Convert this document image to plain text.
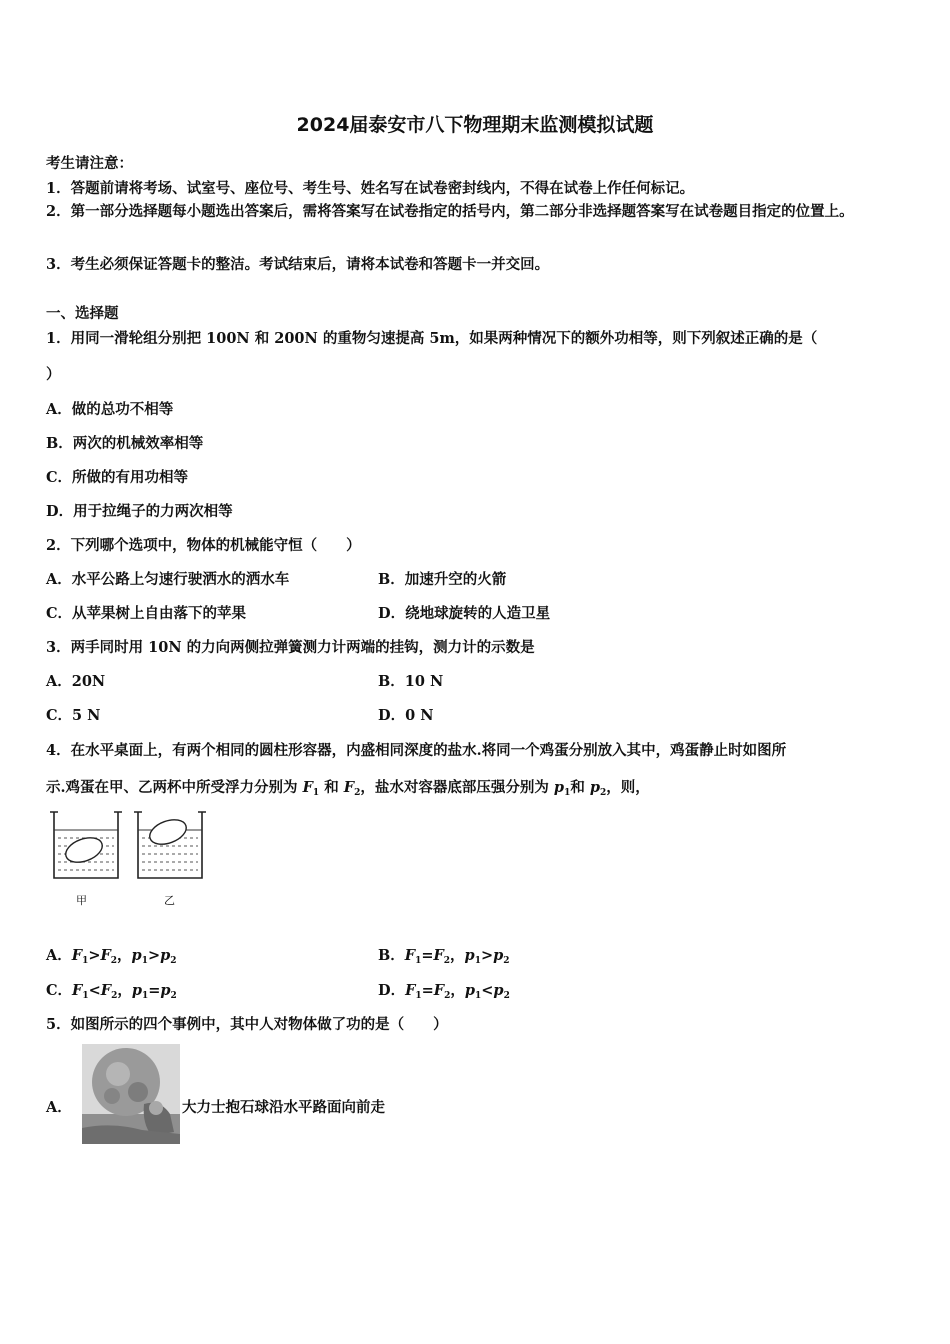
2024届泰安市八下物理期末监测模拟试题
考生请注意：
1．答题前请将考场、试室号、座位号、考生号、姓名写在试卷密封线内，不得在试卷上作任何标记。
2．第一部分选择题每小题选出答案后，需将答案写在试卷指定的括号内，第二部分非选择题答案写在试卷题目指定的位置上。
3．考生必须保证答题卡的整洁。考试结束后，请将本试卷和答题卡一并交回。
一、选择题
1．用同一滑轮组分别把 100N 和 200N 的重物匀速提高 5m，如果两种情况下的额外功相等，则下列叙述正确的是（
）
A．做的总功不相等
B．两次的机械效率相等
C．所做的有用功相等
D．用于拉绳子的力两次相等
2．下列哪个选项中，物体的机械能守恒（　　）
A．水平公路上匀速行驶洒水的洒水车	B．加速升空的火箭
C．从苹果树上自由落下的苹果	D．绕地球旋转的人造卫星
3．两手同时用 10N 的力向两侧拉弹簧测力计两端的挂钩，测力计的示数是
A．20N	B．10 N
C．5 N	D．0 N
4．在水平桌面上，有两个相同的圆柱形容器，内盛相同深度的盐水.将同一个鸡蛋分别放入其中，鸡蛋静止时如图所
示.鸡蛋在甲、乙两杯中所受浮力分别为 $F_1$ 和 $F_2$，盐水对容器底部压强分别为 $p_1$和 $p_2$，则，
甲	乙
A．$F_1>F_2$，$p_1>p_2$	B．$F_1=F_2$，$p_1>p_2$
C．$F_1<F_2$，$p_1=p_2$	D．$F_1=F_2$，$p_1<p_2$
5．如图所示的四个事例中，其中人对物体做了功的是（　　）
A．	大力士抱石球沿水平路面向前走
